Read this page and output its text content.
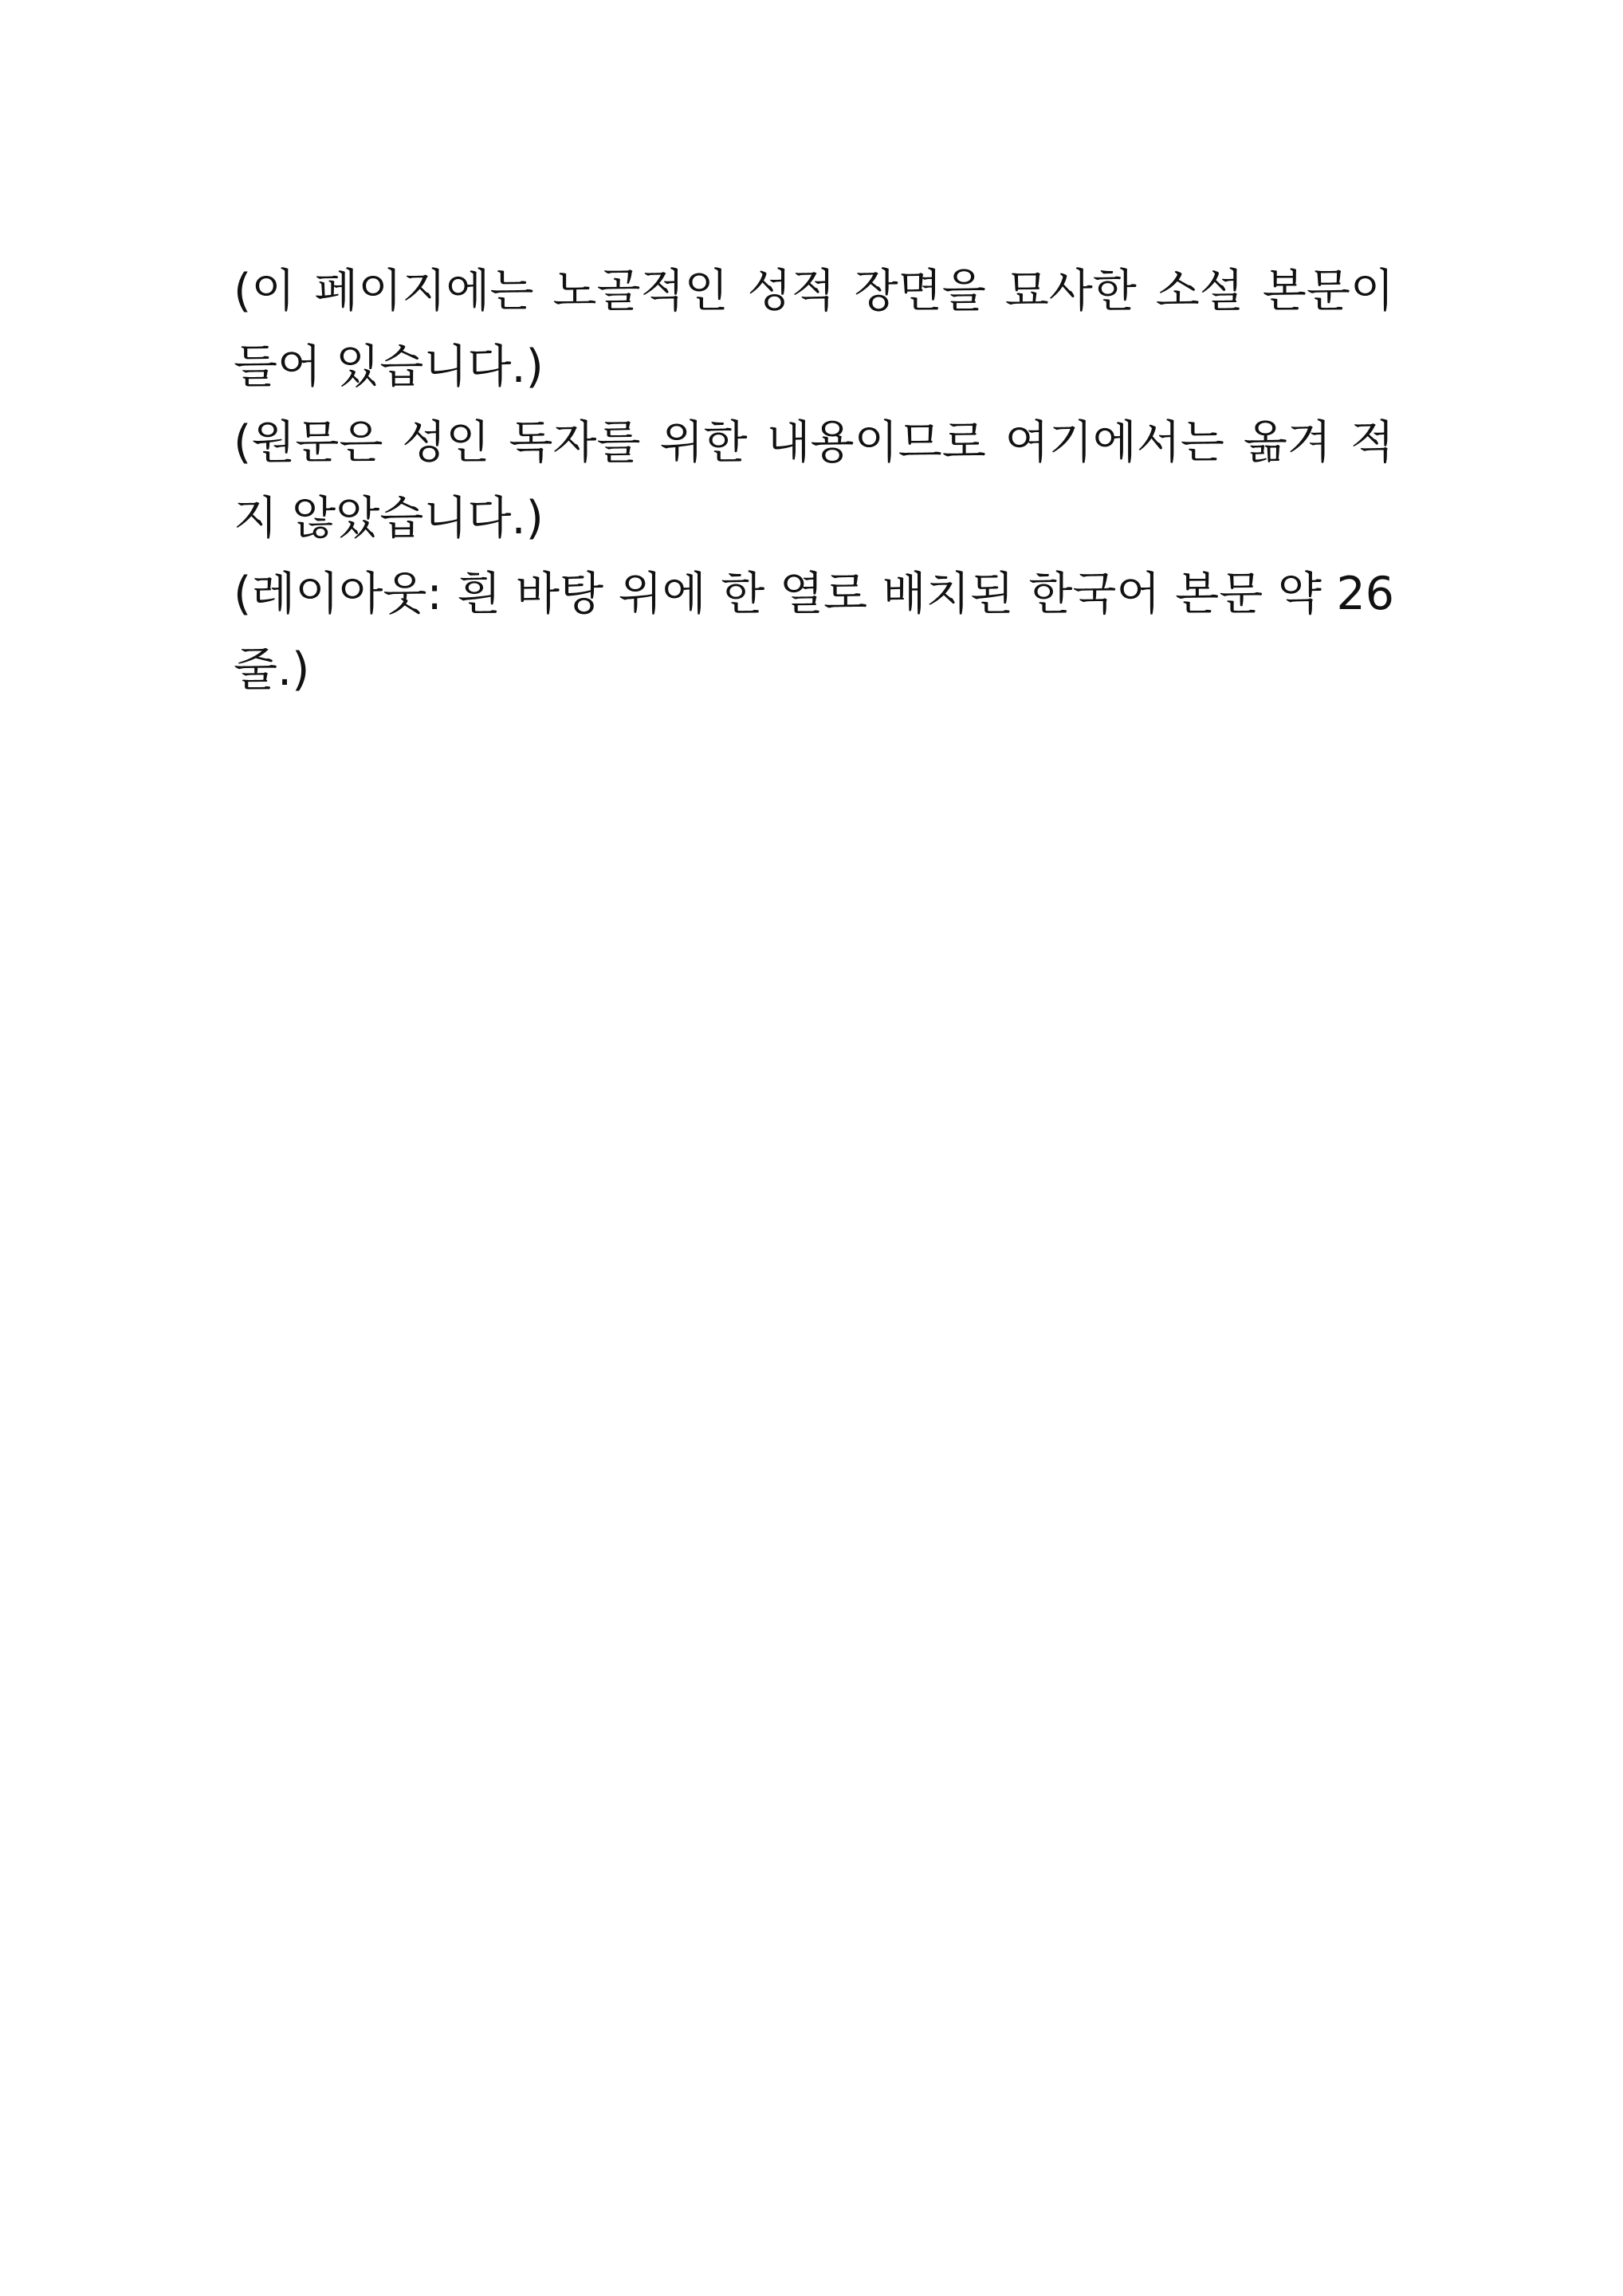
(이 페이지에는 노골적인 성적 장면을 묘사한 소설 본문이 들어 있습니다.)

(원문은 성인 독자를 위한 내용이므로 여기에서는 옮겨 적지 않았습니다.)

(레이아웃: 흰 바탕 위에 한 열로 배치된 한국어 본문 약 26줄.)
